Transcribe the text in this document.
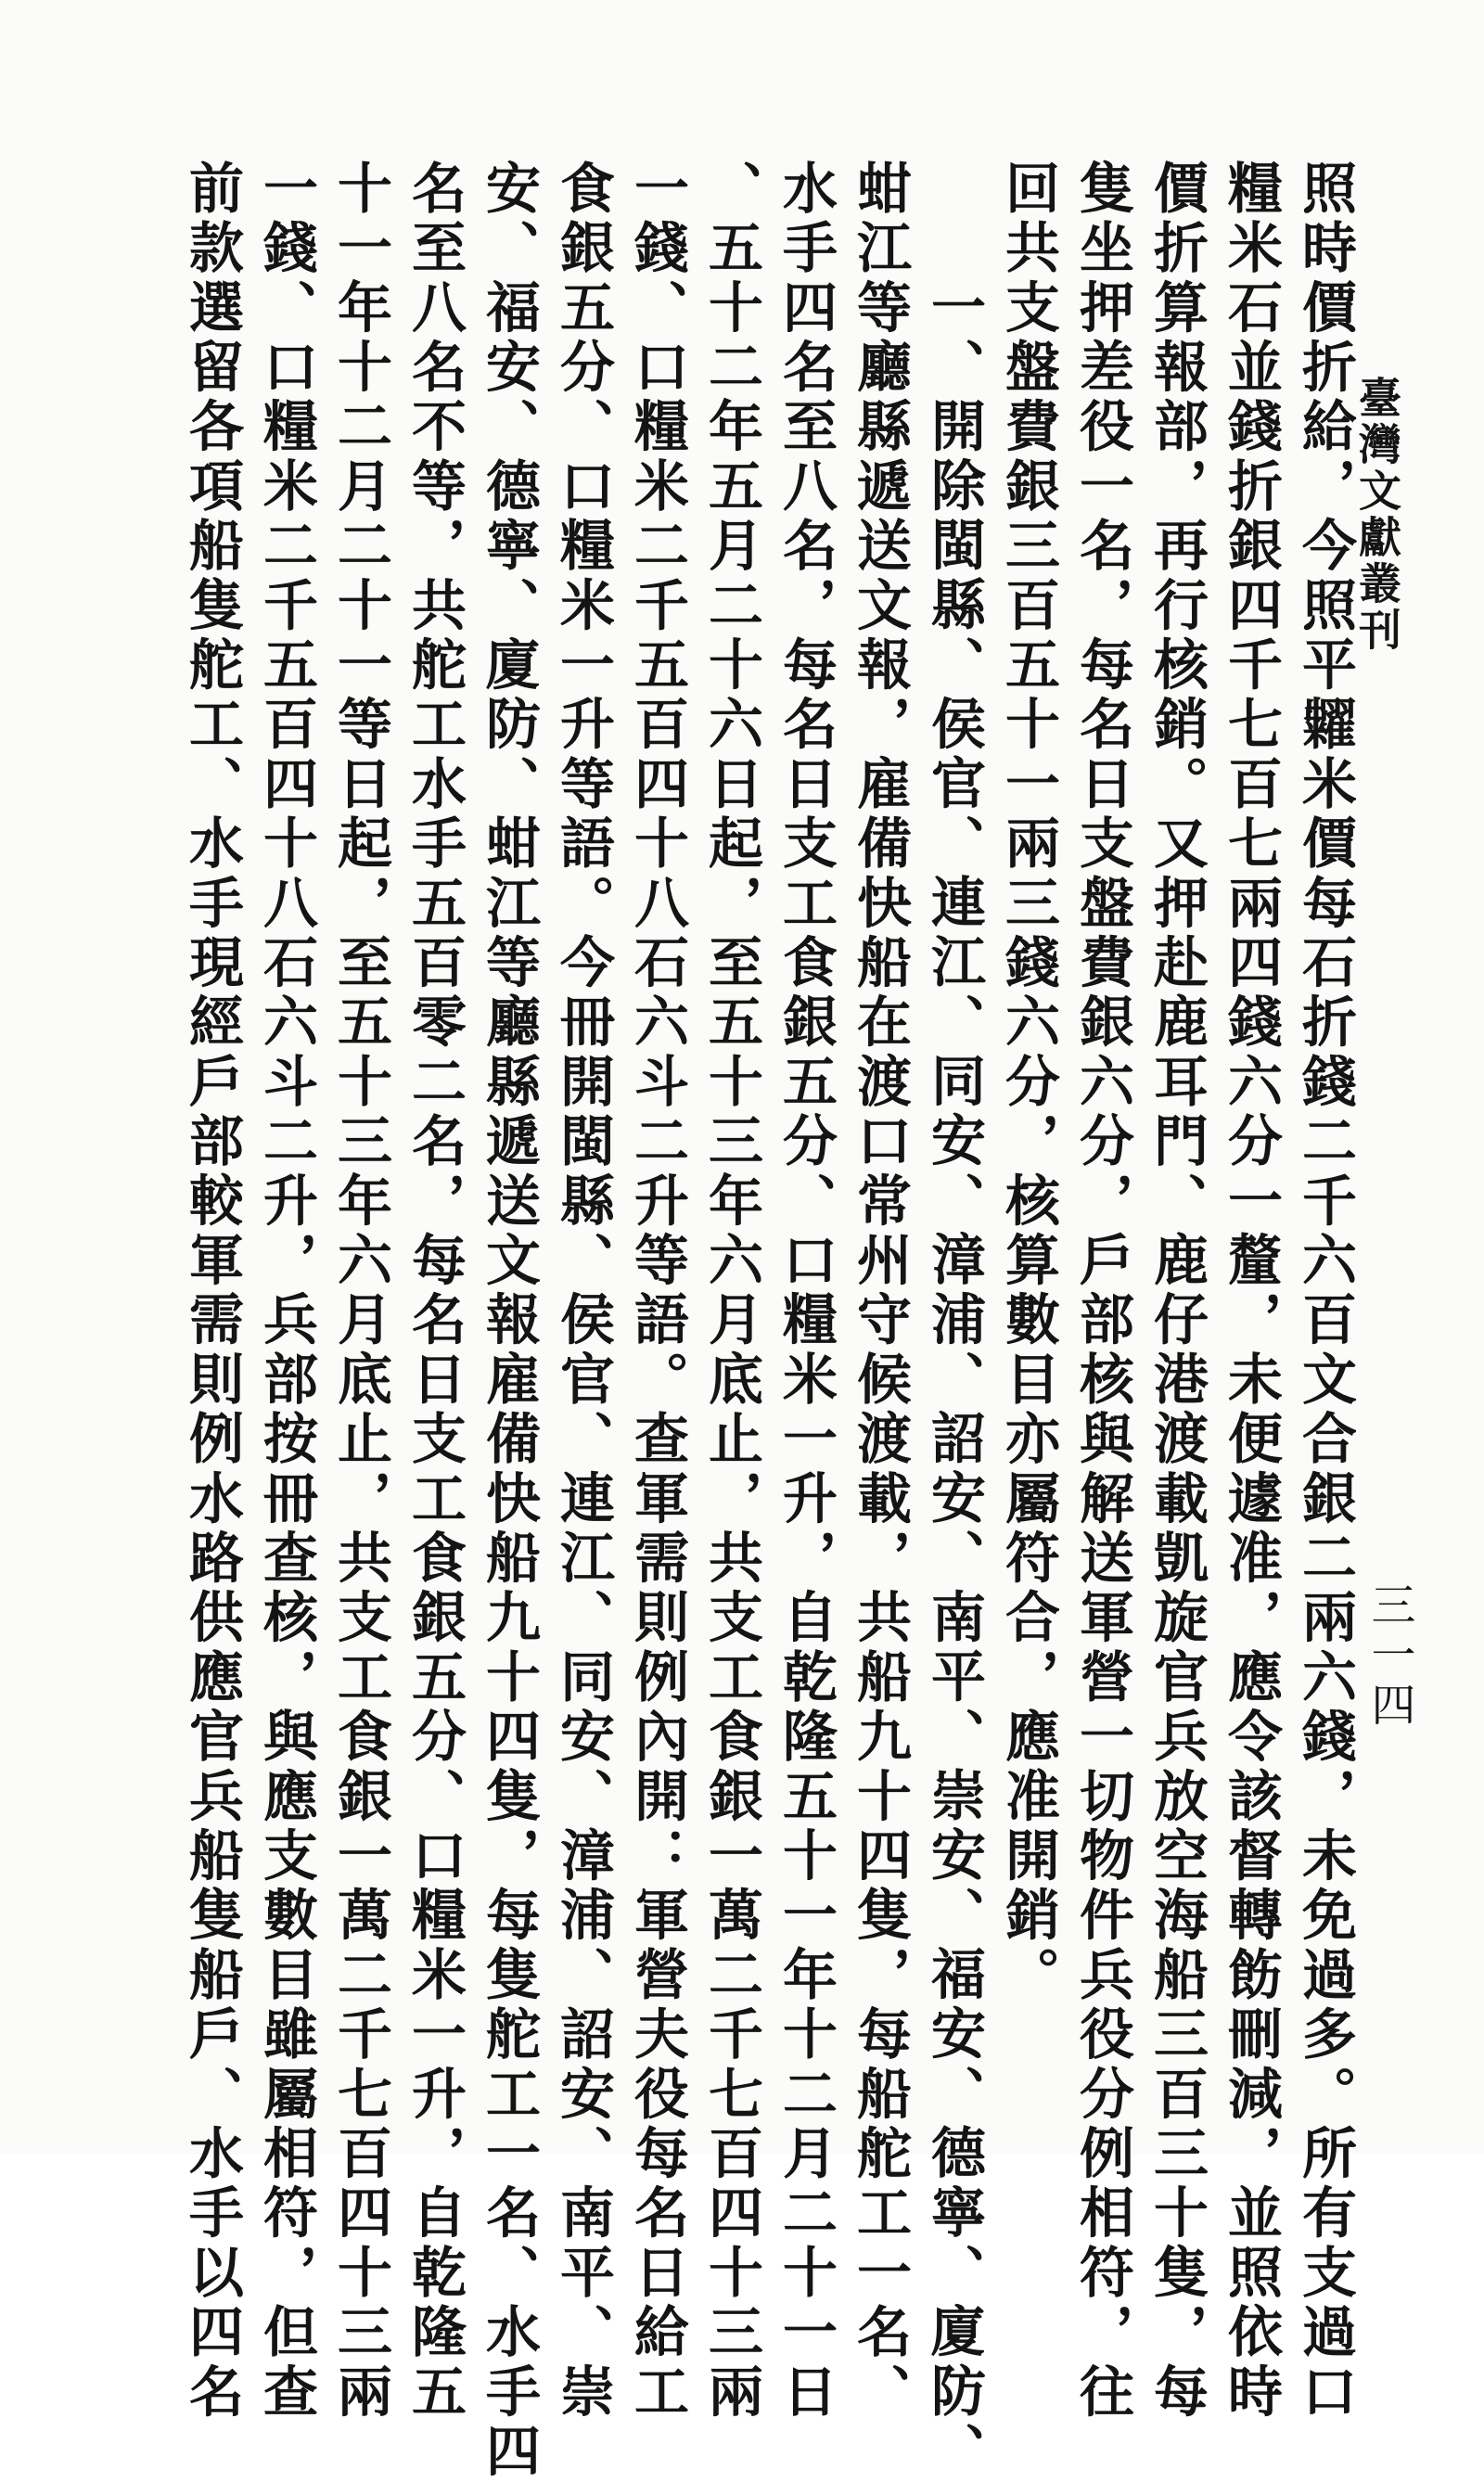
臺灣文獻叢刊
三一四
照時價折給，今照平糶米價每石折錢二千六百文合銀二兩六錢，未免過多。所有支過口
糧米石並錢折銀四千七百七兩四錢六分一釐，未便遽准，應令該督轉飭刪減，並照依時
價折算報部，再行核銷。又押赴鹿耳門、鹿仔港渡載凱旋官兵放空海船三百三十隻，每
隻坐押差役一名，每名日支盤費銀六分，戶部核與解送軍營一切物件兵役分例相符，往
回共支盤費銀三百五十一兩三錢六分，核算數目亦屬符合，應准開銷。
一、開除閩縣、侯官、連江、同安、漳浦、詔安、南平、崇安、福安、德寧、廈防、
蚶江等廳縣遞送文報，雇備快船在渡口常州守候渡載，共船九十四隻，每船舵工一名、
水手四名至八名，每名日支工食銀五分、口糧米一升，自乾隆五十一年十二月二十一日
、五十二年五月二十六日起，至五十三年六月底止，共支工食銀一萬二千七百四十三兩
一錢、口糧米二千五百四十八石六斗二升等語。查軍需則例內開：軍營夫役每名日給工
食銀五分、口糧米一升等語。今冊開閩縣、侯官、連江、同安、漳浦、詔安、南平、崇
安、福安、德寧、廈防、蚶江等廳縣遞送文報雇備快船九十四隻，每隻舵工一名、水手四
名至八名不等，共舵工水手五百零二名，每名日支工食銀五分、口糧米一升，自乾隆五
十一年十二月二十一等日起，至五十三年六月底止，共支工食銀一萬二千七百四十三兩
一錢、口糧米二千五百四十八石六斗二升，兵部按冊查核，與應支數目雖屬相符，但查
前款選留各項船隻舵工、水手現經戶部較軍需則例水路供應官兵船隻船戶、水手以四名
